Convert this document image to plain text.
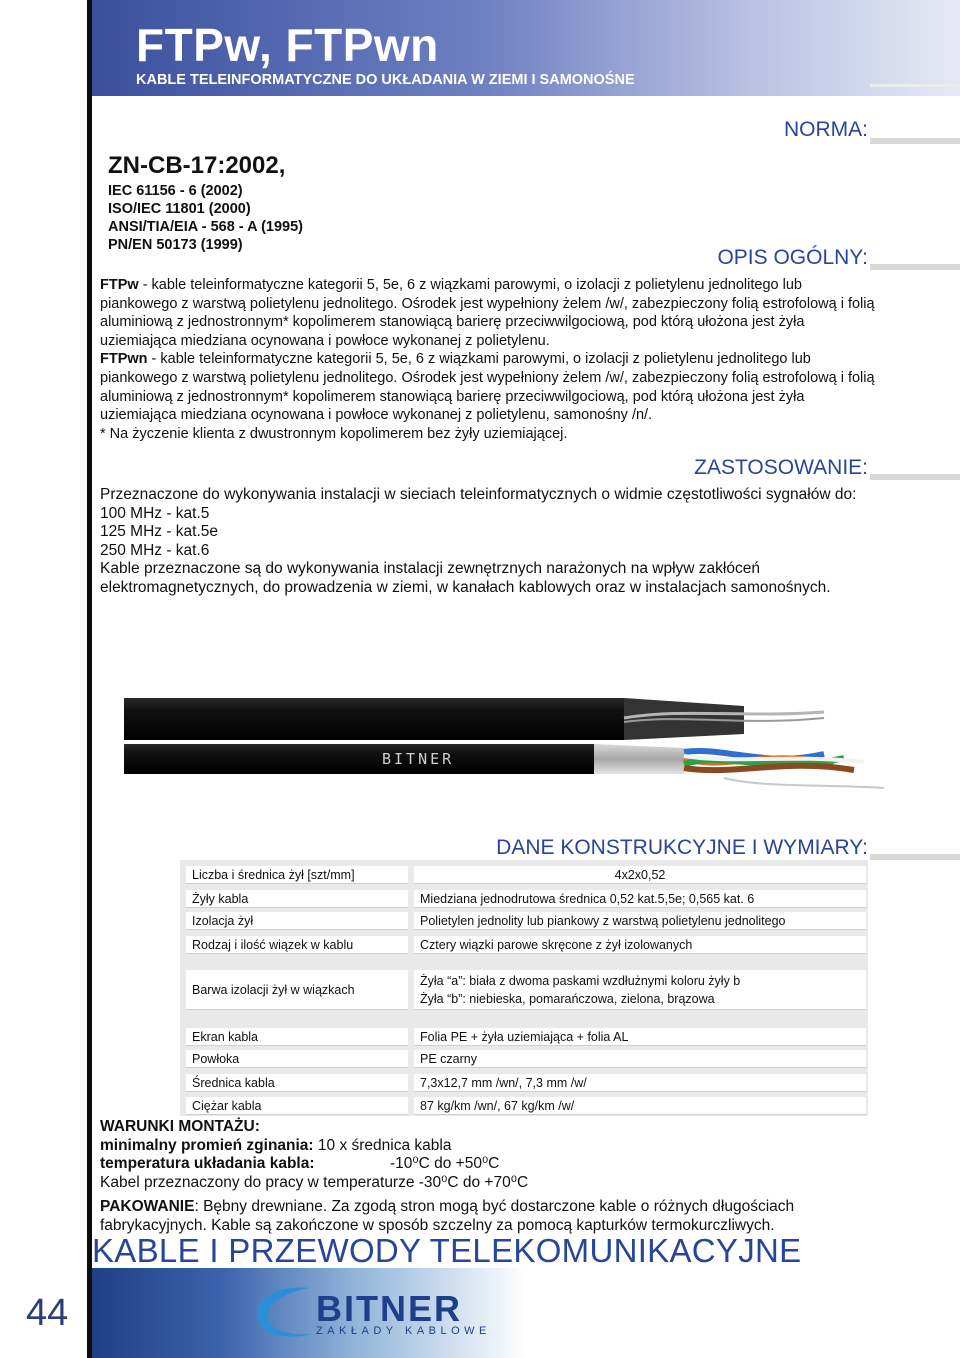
FTPw, FTPwn
KABLE TELEINFORMATYCZNE DO UKŁADANIA W ZIEMI I SAMONOŚNE
NORMA:
ZN-CB-17:2002,
IEC 61156 - 6 (2002)
ISO/IEC 11801 (2000)
ANSI/TIA/EIA - 568 - A (1995)
PN/EN 50173 (1999)
OPIS OGÓLNY:
FTPw - kable teleinformatyczne kategorii 5, 5e, 6 z wiązkami parowymi, o izolacji z polietylenu jednolitego lub piankowego z warstwą polietylenu jednolitego. Ośrodek jest wypełniony żelem /w/, zabezpieczony folią estrofolową i folią aluminiową z jednostronnym* kopolimerem stanowiącą barierę przeciwwilgociową, pod którą ułożona jest żyła uziemiająca miedziana ocynowana i powłoce wykonanej z polietylenu.
FTPwn - kable teleinformatyczne kategorii 5, 5e, 6 z wiązkami parowymi, o izolacji z polietylenu jednolitego lub piankowego z warstwą polietylenu jednolitego. Ośrodek jest wypełniony żelem /w/, zabezpieczony folią estrofolową i folią aluminiową z jednostronnym* kopolimerem stanowiącą barierę przeciwwilgociową, pod którą ułożona jest żyła uziemiająca miedziana ocynowana i powłoce wykonanej z polietylenu, samonośny /n/.
* Na życzenie klienta z dwustronnym kopolimerem bez żyły uziemiającej.
ZASTOSOWANIE:
Przeznaczone do wykonywania instalacji w sieciach teleinformatycznych o widmie częstotliwości sygnałów do:
100 MHz - kat.5
125 MHz - kat.5e
250 MHz - kat.6
Kable przeznaczone są do wykonywania instalacji zewnętrznych narażonych na wpływ zakłóceń elektromagnetycznych, do prowadzenia w ziemi, w kanałach kablowych oraz w instalacjach samonośnych.
BITNER
DANE KONSTRUKCYJNE I WYMIARY:
Liczba i średnica żył [szt/mm]	4x2x0,52
Żyły kabla	Miedziana jednodrutowa średnica 0,52 kat.5,5e; 0,565 kat. 6
Izolacja żył	Polietylen jednolity lub piankowy z warstwą polietylenu jednolitego
Rodzaj i ilość wiązek w kablu	Cztery wiązki parowe skręcone z żył izolowanych
Barwa izolacji żył w wiązkach
Żyła “a”: biała z dwoma paskami wzdłużnymi koloru żyły b
Żyła “b”: niebieska, pomarańczowa, zielona, brązowa
Ekran kabla	Folia PE + żyła uziemiająca + folia AL
Powłoka	PE czarny
Średnica kabla	7,3x12,7 mm /wn/, 7,3 mm /w/
Ciężar kabla	87 kg/km /wn/, 67 kg/km /w/
WARUNKI MONTAŻU:
minimalny promień zginania: 10 x średnica kabla
temperatura układania kabla:	-10⁰C do +50⁰C
Kabel przeznaczony do pracy w temperaturze -30⁰C do +70⁰C
PAKOWANIE: Bębny drewniane. Za zgodą stron mogą być dostarczone kable o różnych długościach fabrykacyjnych. Kable są zakończone w sposób szczelny za pomocą kapturków termokurczliwych.
KABLE I PRZEWODY TELEKOMUNIKACYJNE
44	BITNER
ZAKŁADY KABLOWE
